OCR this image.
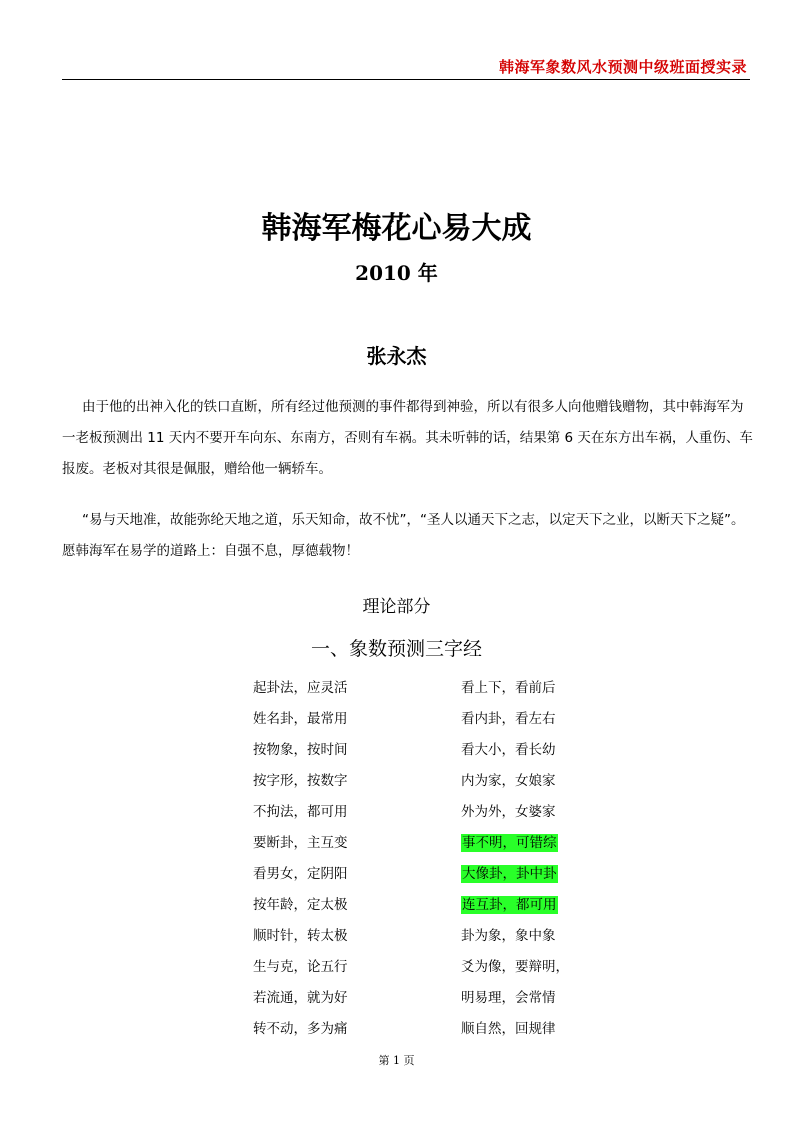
韩海军象数风水预测中级班面授实录
韩海军梅花心易大成
2010 年
张永杰

由于他的出神入化的铁口直断，所有经过他预测的事件都得到神验，所以有很多人向他赠钱赠物，其中韩海军为一老板预测出 11 天内不要开车向东、东南方，否则有车祸。其未听韩的话，结果第 6 天在东方出车祸，人重伤、车报废。老板对其很是佩服，赠给他一辆轿车。

“易与天地准，故能弥纶天地之道，乐天知命，故不忧”，“圣人以通天下之志，以定天下之业，以断天下之疑”。愿韩海军在易学的道路上：自强不息，厚德载物！

理论部分
一、象数预测三字经
起卦法，应灵活	看上下，看前后
姓名卦，最常用	看内卦，看左右
按物象，按时间	看大小，看长幼
按字形，按数字	内为家，女娘家
不拘法，都可用	外为外，女婆家
要断卦，主互变	事不明，可错综
看男女，定阴阳	大像卦，卦中卦
按年龄，定太极	连互卦，都可用
顺时针，转太极	卦为象，象中象
生与克，论五行	爻为像，要辩明，
若流通，就为好	明易理，会常情
转不动，多为痛	顺自然，回规律
第 1 页
